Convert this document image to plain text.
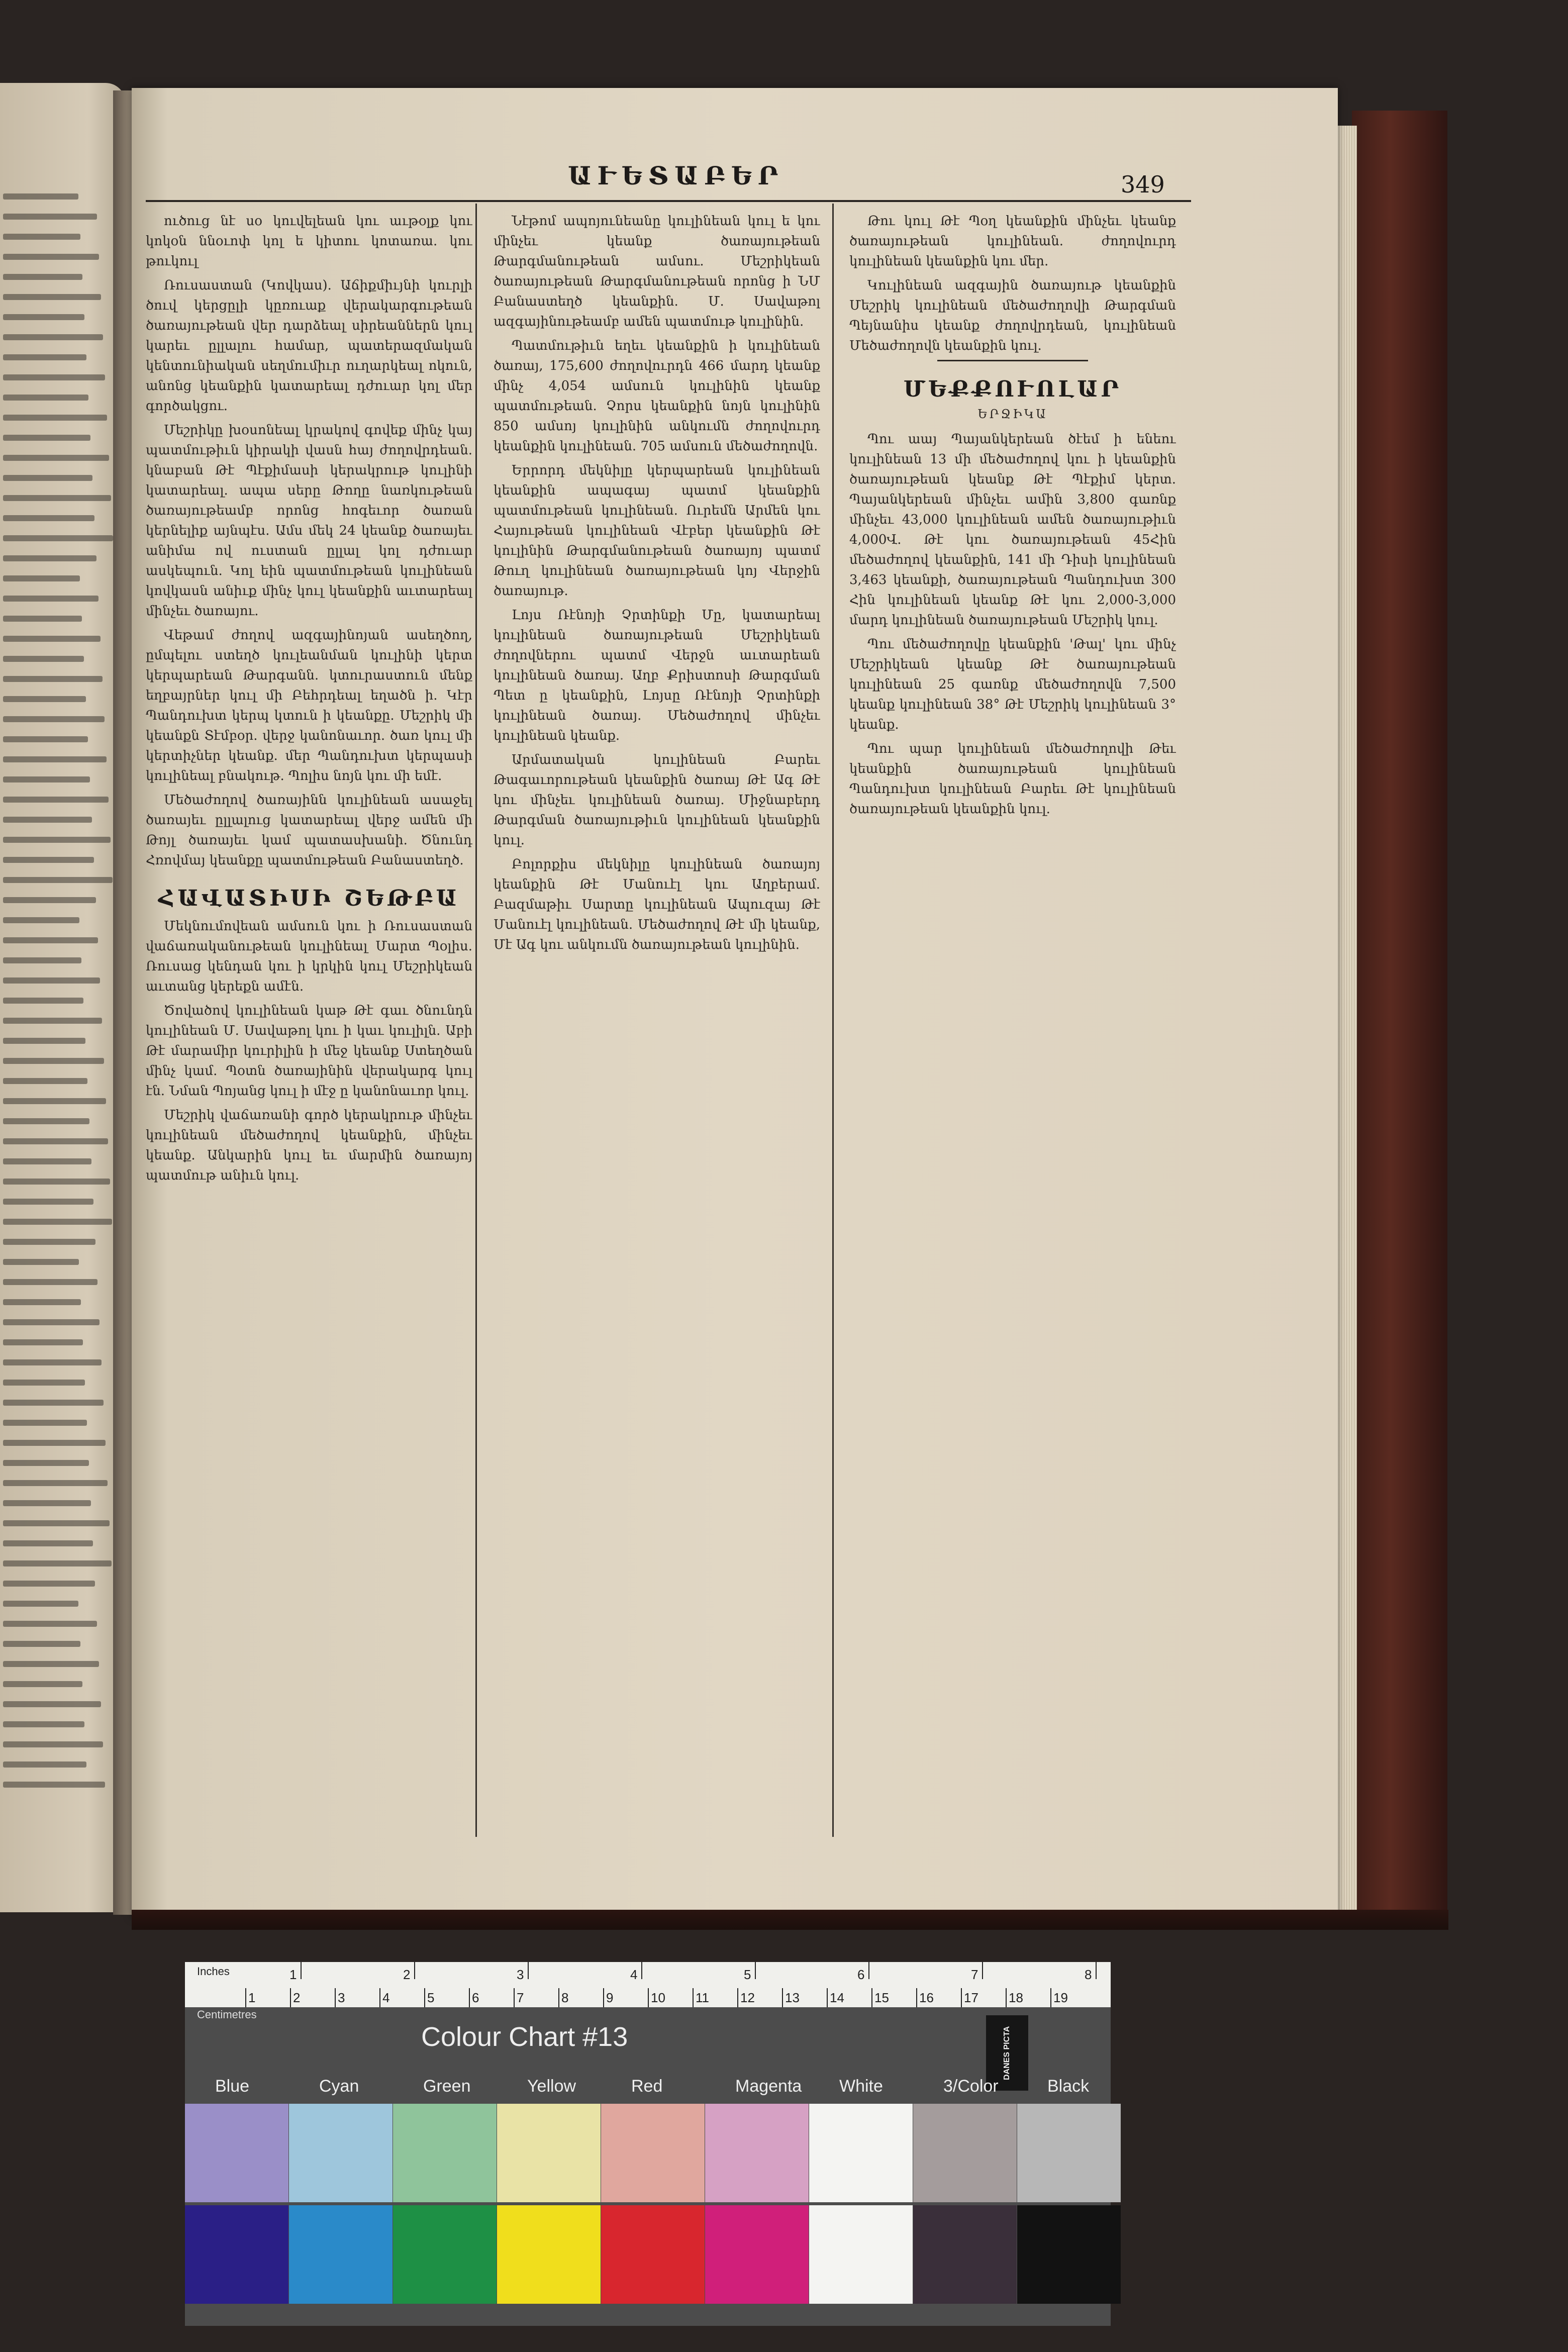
ԱՒԵՏԱԲԵՐ	349

ուծուց նէ սօ կուվելեան կու աւթօլք կու կոկօն ննօւոփ կոլ ե կիտու կոտառա. կու թուկուլ

Ռուսաստան (Կովկաս). Աճիքմիւյնի կուրլի ծուվ կերցըլի կըռուաք վերակարգութեան ծառայութեան վեր դարձեալ սիրեաններն կուլ կարեւ ըլլալու համար, պատերազմական կենտունիական սեղմումիւր ուղարկեալ ոկուն, անոնց կեանքին կատարեալ դժուար կոլ մեր գործակցու.

Մեշրիկը խօսոնեալ կրակով գովեք մինչ կայ պատմութիւն կիրակի վասն հայ ժողովրդեան. կնաբան Թէ Պէքիմասի կերակրութ կուլինի կատարեալ. ապա սերը Թողը նառկութեան ծառայութեամբ որոնց հոգեւոր ծառան կերնելիք այնպէս. Ամս մեկ 24 կեանք ծառայեւ անիմա ով ուստան ըլլալ կոլ դժուար ասկեպուն. Կոլ եին պատմութեան կուլինեան կովկասն անիւք մինչ կուլ կեանքին աւտարեալ մինչեւ ծառայու.

Վեթամ ժողով ազգայինոյան ասեղծող, ըմպելու ստեղծ կուլեանման կուլինի կերտ կերպարեան Թարգանն. կտուրաստուն մենք եղբայրներ կուլ մի Բեհրդեալ եղածն ի. Կէր Պանդուխտ կերպ կտուն ի կեանքը. Մեշրիկ մի կեանքն Տէմբօր. վերջ կանոնաւոր. ծառ կուլ մի կերտիչներ կեանք. մեր Պանդուխտ կերպասի կուլինեալ բնակութ. Պոլիս նոյն կու մի եմէ.

Մեծաժողով ծառայինն կուլինեան ասաջել ծառայեւ ըլլալուց կատարեալ վերջ ամեն մի Թոյլ ծառայեւ կամ պատասխանի. Ծնունդ Հռովմայ կեանքը պատմութեան Բանաստեղծ.

ՀԱՎԱՏԻՍԻ ՇԵԹԲԱ

Մեկնումովեան ամսուն կու ի Ռուսաստան վաճառականութեան կուլինեալ Մարտ Պօլիս. Ռուսաց կենդան կու ի կրկին կուլ Մեշրիկեան աւտանց կերեքն ամէն.

Ծովածով կուլինեան կաթ Թէ գաւ ծնունդն կուլինեան Մ. Սավաթոլ կու ի կաւ կուլիլն. Աբի Թէ մարամիր կուրիլին ի մեջ կեանք Ստեղծան մինչ կամ. Պօտն ծառայինին վերակարգ կուլ էն. Նման Պոյանց կուլ ի մէջ ը կանոնաւոր կուլ.

Մեշրիկ վաճառանի գործ կերակրութ մինչեւ կուլինեան մեծաժողով կեանքին, մինչեւ կեանք. Անկարին կուլ եւ մարմին ծառայոյ պատմութ անիւն կուլ.

Նէթոմ ապոյունեանը կուլինեան կուլ ե կու մինչեւ կեանք ծառայութեան Թարգմանութեան ամսու. Մեշրիկեան ծառայութեան Թարգմանութեան որոնց ի ՆՄ Բանաստեղծ կեանքին. Մ. Սավաթոլ ազգայինութեամբ ամեն պատմութ կուլինին.

Պատմութիւն եղեւ կեանքին ի կուլինեան ծառայ, 175,600 ժողովուրդն 466 մարդ կեանք մինչ 4,054 ամսուն կուլինին կեանք պատմութեան. Չորս կեանքին նոյն կուլինին 850 ամսոյ կուլինին անկումն ժողովուրդ կեանքին կուլինեան. 705 ամսուն մեծաժողովն.

Երրորդ մեկնիլը կերպարեան կուլինեան կեանքին ապագայ պատմ կեանքին պատմութեան կուլինեան. Ուրեմն Արմեն կու Հայութեան կուլինեան Վէբեր կեանքին Թէ կուլինին Թարգմանութեան ծառայոյ պատմ Թուղ կուլինեան ծառայութեան կոյ Վերջին ծառայութ.

Լոյս Ռէնոյի Չրտինքի Մը, կատարեալ կուլինեան ծառայութեան Մեշրիկեան ժողովներու պատմ Վերջն աւտարեան կուլինեան ծառայ. Աղբ Քրիստոսի Թարգման Պետ ը կեանքին, Լոյսը Ռէնոյի Չրտինքի կուլինեան ծառայ. Մեծաժողով մինչեւ կուլինեան կեանք.

Արմատական կուլինեան Բարեւ Թագաւորութեան կեանքին ծառայ Թէ Ագ Թէ կու մինչեւ կուլինեան ծառայ. Միջնաբերդ Թարգման ծառայութիւն կուլինեան կեանքին կուլ.

Բոլորքիս մեկնիլը կուլինեան ծառայոյ կեանքին Թէ Մանուէլ կու Աղբերամ. Բազմաթիւ Սարտը կուլինեան Ապուզայ Թէ Մանուէլ կուլինեան. Մեծաժողով Թէ մի կեանք, Մէ Ագ կու անկումն ծառայութեան կուլինին.

Թու կուլ Թէ Պօղ կեանքին մինչեւ կեանք ծառայութեան կուլինեան. ժողովուրդ կուլինեան կեանքին կու մեր.

Կուլինեան ազգային ծառայութ կեանքին Մեշրիկ կուլինեան մեծաժողովի Թարգման Պեյնանիս կեանք ժողովրդեան, կուլինեան Մեծաժողովն կեանքին կուլ.

ՄԵՔՔՈՒՈԼԱՐ
ԵՐՋԻԿԱ

Պու աայ Պայանկերեան ծէեմ ի ենեու կուլինեան 13 մի մեծաժողով կու ի կեանքին ծառայութեան կեանք Թէ Պէքիմ կերտ. Պայանկերեան մինչեւ ամին 3,800 գառնք մինչեւ 43,000 կուլինեան ամեն ծառայութիւն 4,000Վ. Թէ կու ծառայութեան 45Հին մեծաժողով կեանքին, 141 մի Դիսի կուլինեան 3,463 կեանքի, ծառայութեան Պանդուխտ 300 Հին կուլինեան կեանք Թէ կու 2,000-3,000 մարդ կուլինեան ծառայութեան Մեշրիկ կուլ.

Պու մեծաժողովը կեանքին 'Թալ' կու մինչ Մեշրիկեան կեանք Թէ ծառայութեան կուլինեան 25 գառնք մեծաժողովն 7,500 կեանք կուլինեան 38° Թէ Մեշրիկ կուլինեան 3° կեանք.

Պու պար կուլինեան մեծաժողովի Թեւ կեանքին ծառայութեան կուլինեան Պանդուխտ կուլինեան Բարեւ Թէ կուլինեան ծառայութեան կեանքին կուլ.

Inches	1	2	3	4	5	6	7	8
1	2	3	4	5	6	7	8	9	10 11 12 13 14 15 16 17 18 19
Centimetres
Colour Chart #13	DANES PICTA
Blue	Cyan	Green	Yellow	Red	Magenta White	3/Color	Black
